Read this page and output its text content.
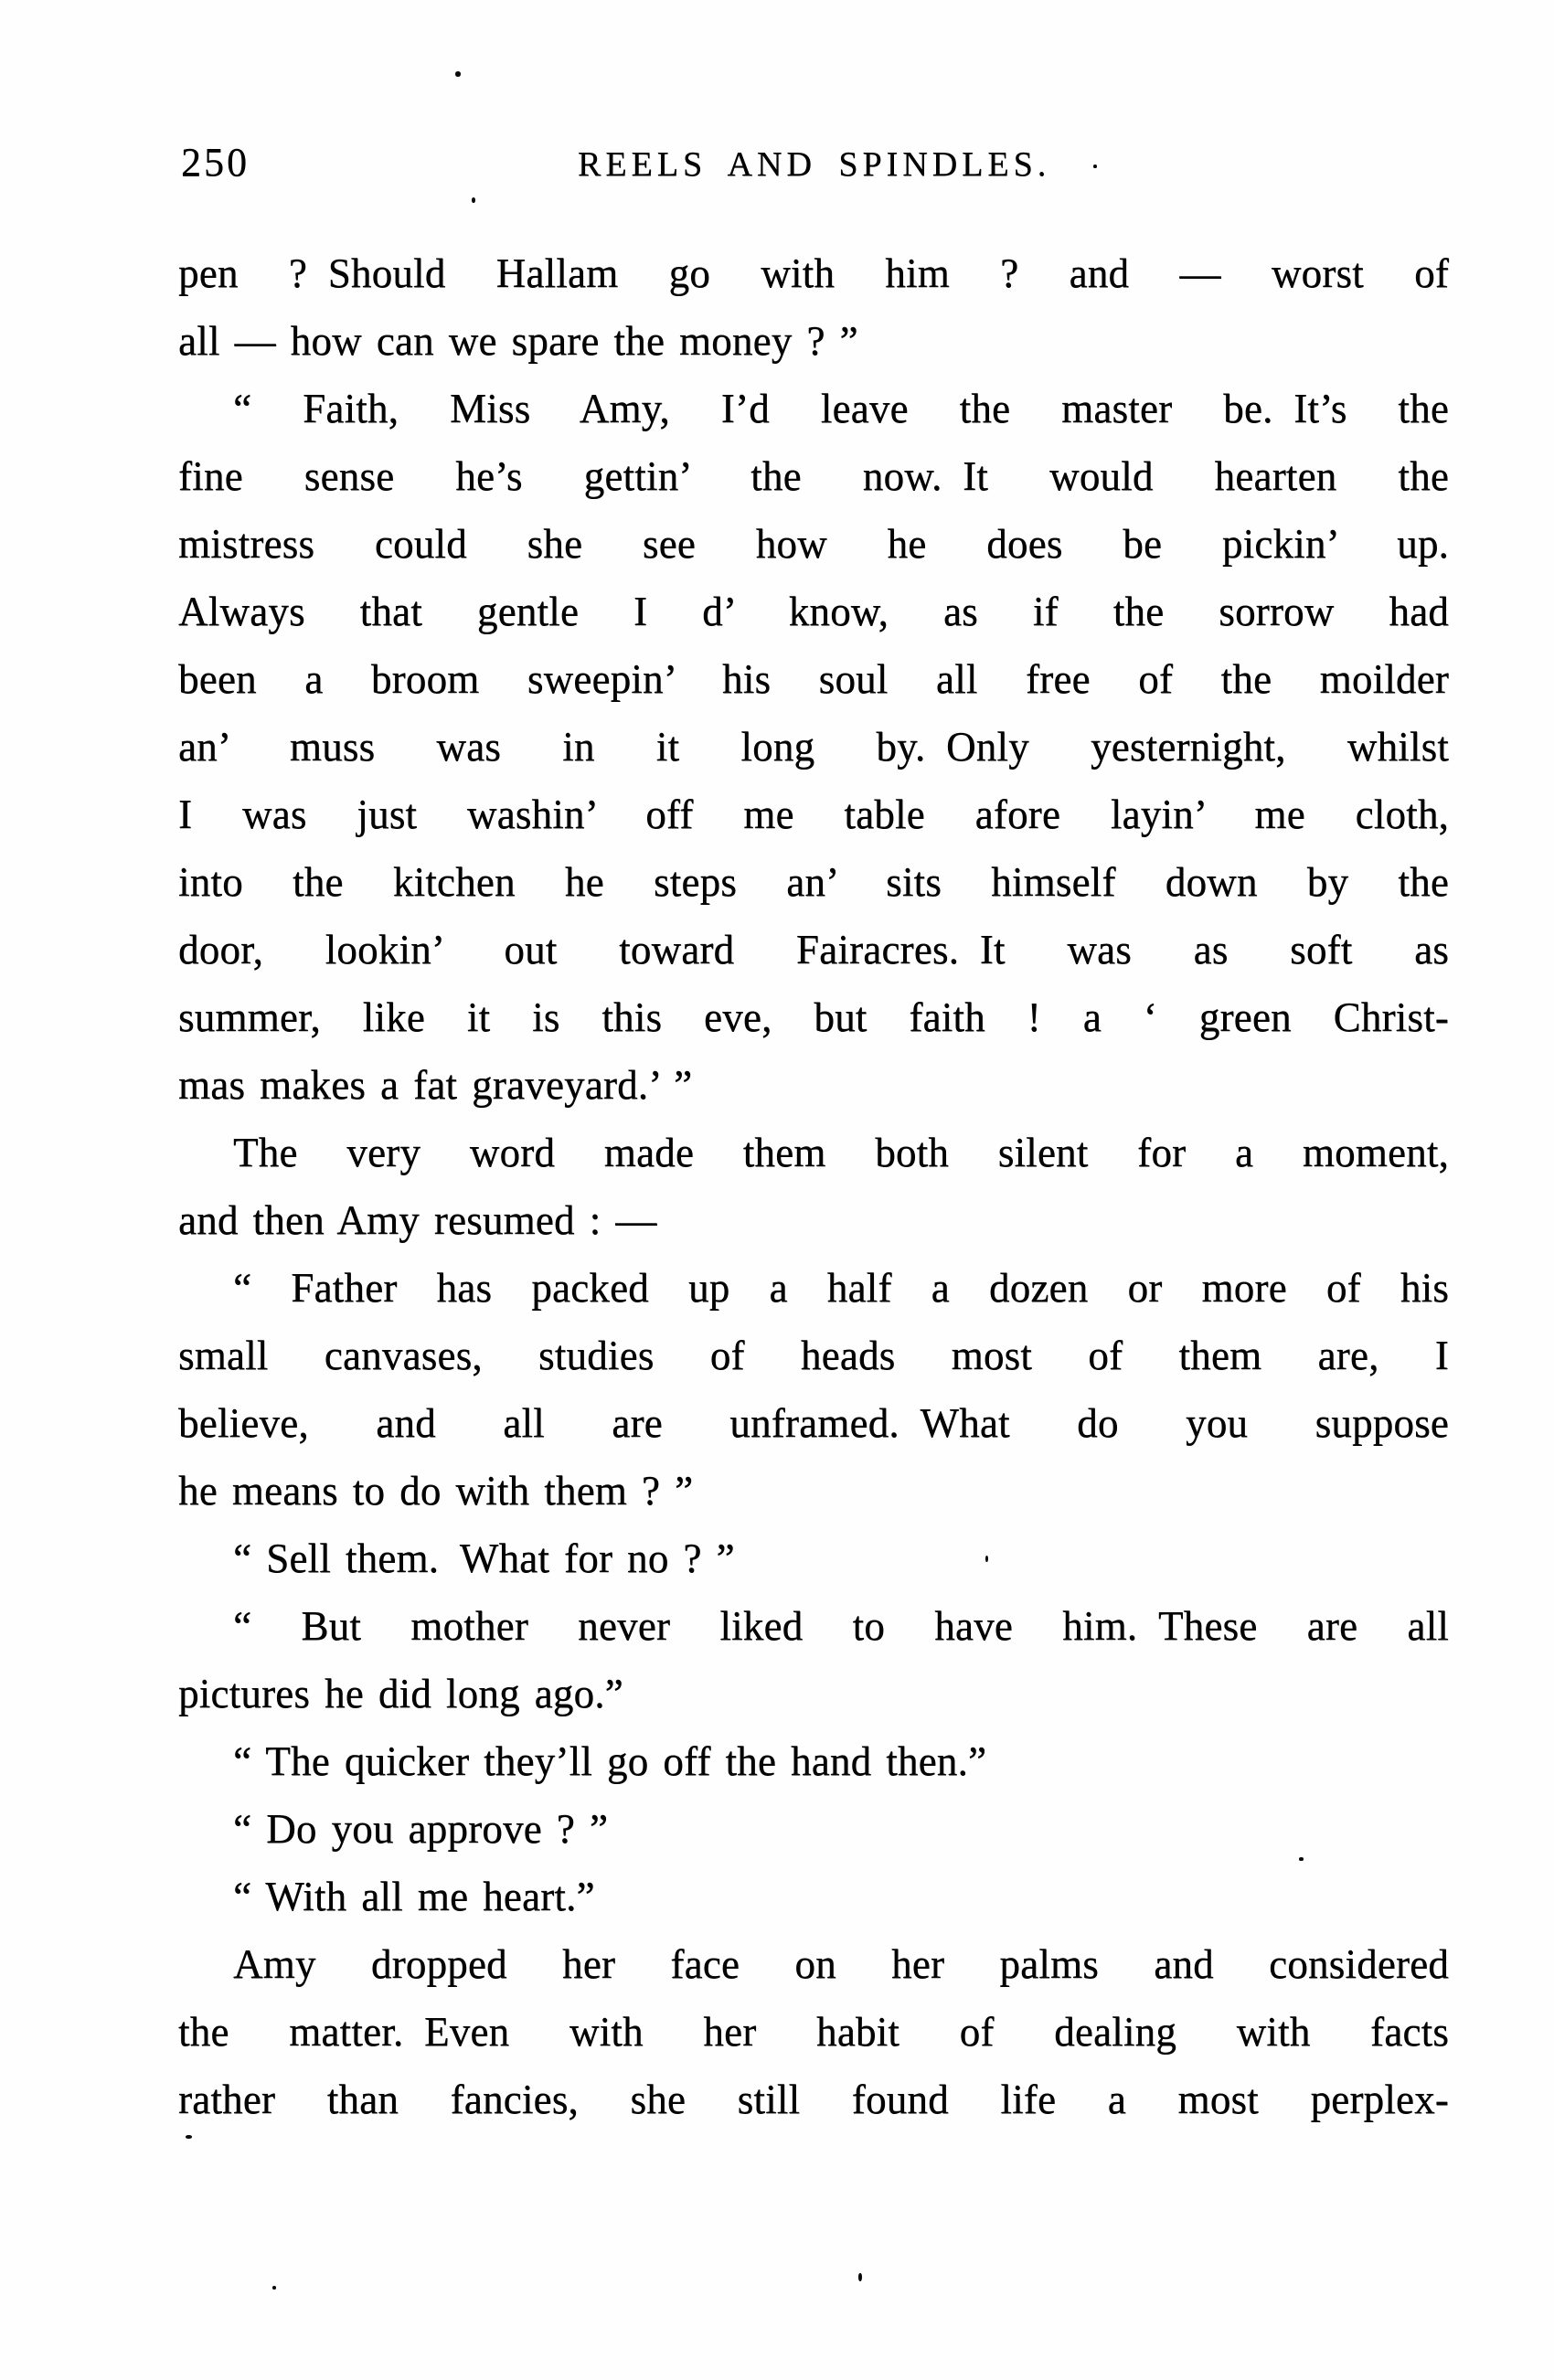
250	REELS AND SPINDLES.

pen ? Should Hallam go with him ? and — worst of

all — how can we spare the money ? ”

“ Faith, Miss Amy, I’d leave the master be. It’s the

fine sense he’s gettin’ the now. It would hearten the

mistress could she see how he does be pickin’ up.

Always that gentle I d’ know, as if the sorrow had

been a broom sweepin’ his soul all free of the moilder

an’ muss was in it long by. Only yesternight, whilst

I was just washin’ off me table afore layin’ me cloth,

into the kitchen he steps an’ sits himself down by the

door, lookin’ out toward Fairacres. It was as soft as

summer, like it is this eve, but faith ! a ‘ green Christ-

mas makes a fat graveyard.’ ”

The very word made them both silent for a moment,

and then Amy resumed : —

“ Father has packed up a half a dozen or more of his

small canvases, studies of heads most of them are, I

believe, and all are unframed. What do you suppose

he means to do with them ? ”

“ Sell them. What for no ? ”

“ But mother never liked to have him. These are all

pictures he did long ago.”

“ The quicker they’ll go off the hand then.”

“ Do you approve ? ”

“ With all me heart.”

Amy dropped her face on her palms and considered

the matter. Even with her habit of dealing with facts

rather than fancies, she still found life a most perplex-
